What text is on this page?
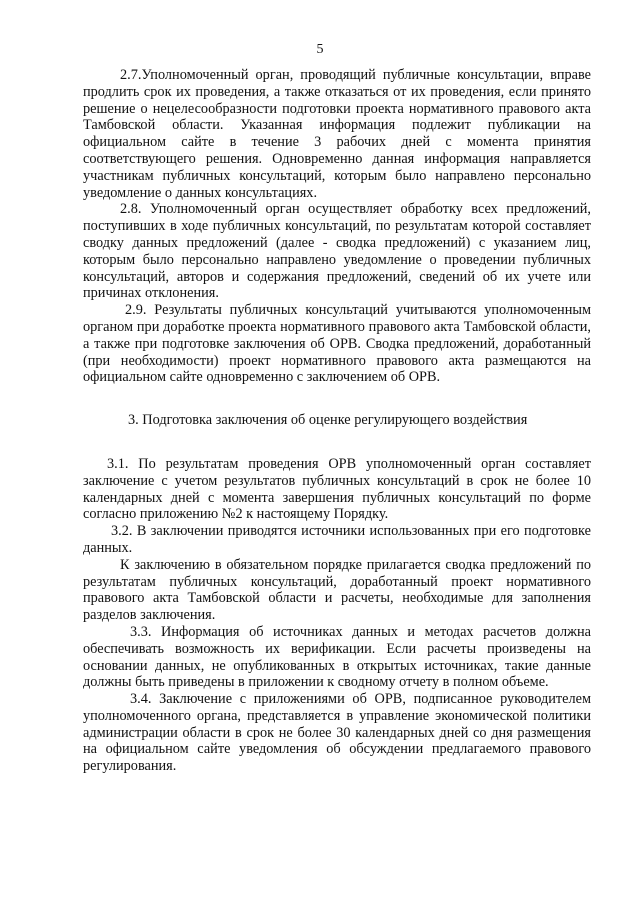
5

2.7.Уполномоченный орган, проводящий публичные консультации, вправе продлить срок их проведения, а также отказаться от их проведения, если принято решение о нецелесообразности подготовки проекта нормативного правового акта Тамбовской области. Указанная информация подлежит публикации на официальном сайте в течение 3 рабочих дней с момента принятия соответствующего решения. Одновременно данная информация направляется участникам публичных консультаций, которым было направлено персонально уведомление о данных консультациях.

2.8. Уполномоченный орган осуществляет обработку всех предложений, поступивших в ходе публичных консультаций, по результатам которой составляет сводку данных предложений (далее - сводка предложений) с указанием лиц, которым было персонально направлено уведомление о проведении публичных консультаций, авторов и содержания предложений, сведений об их учете или причинах отклонения.

2.9. Результаты публичных консультаций учитываются уполномоченным органом при доработке проекта нормативного правового акта Тамбовской области, а также при подготовке заключения об ОРВ. Сводка предложений, доработанный (при необходимости) проект нормативного правового акта размещаются на официальном сайте одновременно с заключением об ОРВ.

3. Подготовка заключения об оценке регулирующего воздействия

3.1. По результатам проведения ОРВ уполномоченный орган составляет заключение с учетом результатов публичных консультаций в срок не более 10 календарных дней с момента завершения публичных консультаций по форме согласно приложению №2 к настоящему Порядку.

3.2. В заключении приводятся источники использованных при его подготовке данных.

К заключению в обязательном порядке прилагается сводка предложений по результатам публичных консультаций, доработанный проект нормативного правового акта Тамбовской области и расчеты, необходимые для заполнения разделов заключения.

3.3. Информация об источниках данных и методах расчетов должна обеспечивать возможность их верификации. Если расчеты произведены на основании данных, не опубликованных в открытых источниках, такие данные должны быть приведены в приложении к сводному отчету в полном объеме.

3.4. Заключение с приложениями об ОРВ, подписанное руководителем уполномоченного органа, представляется в управление экономической политики администрации области в срок не более 30 календарных дней со дня размещения на официальном сайте уведомления об обсуждении предлагаемого правового регулирования.
